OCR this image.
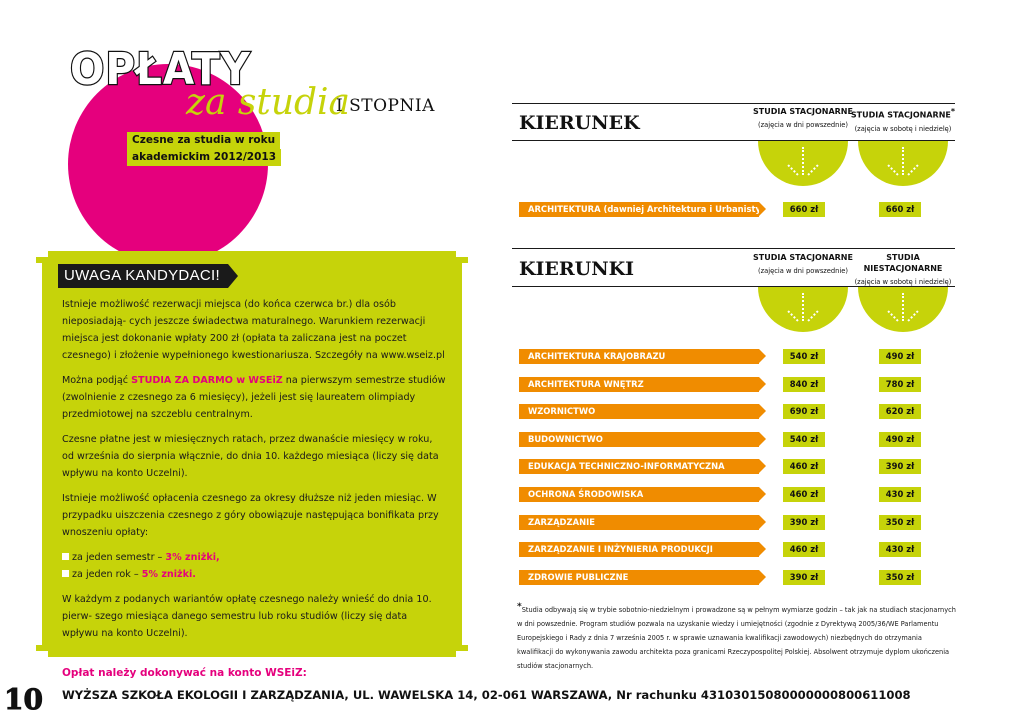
OPŁATY
za studia
I STOPNIA
Czesne za studia w roku
akademickim 2012/2013
UWAGA KANDYDACI!

Istnieje możliwość rezerwacji miejsca (do końca czerwca br.) dla osób nieposiadają- cych jeszcze świadectwa maturalnego. Warunkiem rezerwacji miejsca jest dokonanie wpłaty 200 zł (opłata ta zaliczana jest na poczet czesnego) i złożenie wypełnionego kwestionariusza. Szczegóły na www.wseiz.pl

Można podjąć STUDIA ZA DARMO w WSEiZ na pierwszym semestrze studiów (zwolnienie z czesnego za 6 miesięcy), jeżeli jest się laureatem olimpiady przedmiotowej na szczeblu centralnym.

Czesne płatne jest w miesięcznych ratach, przez dwanaście miesięcy w roku, od września do sierpnia włącznie, do dnia 10. każdego miesiąca (liczy się data wpływu na konto Uczelni).

Istnieje możliwość opłacenia czesnego za okresy dłuższe niż jeden miesiąc. W przypadku uiszczenia czesnego z góry obowiązuje następująca bonifikata przy wnoszeniu opłaty:

za jeden semestr – 3% zniżki,
za jeden rok – 5% zniżki.

W każdym z podanych wariantów opłatę czesnego należy wnieść do dnia 10. pierw- szego miesiąca danego semestru lub roku studiów (liczy się data wpływu na konto Uczelni).

Opłat należy dokonywać na konto WSEiZ:
10 WYŻSZA SZKOŁA EKOLOGII I ZARZĄDZANIA, UL. WAWELSKA 14, 02-061 WARSZAWA, Nr rachunku 43103015080000000800611008
KIERUNEK
STUDIA STACJONARNE
(zajęcia w dni powszednie)
STUDIA STACJONARNE*
(zajęcia w sobotę i niedzielę)
ARCHITEKTURA (dawniej Architektura i Urbanistyka)	660 zł	660 zł
KIERUNKI
STUDIA STACJONARNE
(zajęcia w dni powszednie)
STUDIA NIESTACJONARNE
(zajęcia w sobotę i niedzielę)
ARCHITEKTURA KRAJOBRAZU	540 zł	490 zł
ARCHITEKTURA WNĘTRZ	840 zł	780 zł
WZORNICTWO	690 zł	620 zł
BUDOWNICTWO	540 zł	490 zł
EDUKACJA TECHNICZNO-INFORMATYCZNA	460 zł	390 zł
OCHRONA ŚRODOWISKA	460 zł	430 zł
ZARZĄDZANIE	390 zł	350 zł
ZARZĄDZANIE I INŻYNIERIA PRODUKCJI	460 zł	430 zł
ZDROWIE PUBLICZNE	390 zł	350 zł
*Studia odbywają się w trybie sobotnio-niedzielnym i prowadzone są w pełnym wymiarze godzin – tak jak na studiach stacjonarnych w dni powszednie. Program studiów pozwala na uzyskanie wiedzy i umiejętności (zgodnie z Dyrektywą 2005/36/WE Parlamentu Europejskiego i Rady z dnia 7 września 2005 r. w sprawie uznawania kwalifikacji zawodowych) niezbędnych do otrzymania kwalifikacji do wykonywania zawodu architekta poza granicami Rzeczypospolitej Polskiej. Absolwent otrzymuje dyplom ukończenia studiów stacjonarnych.
